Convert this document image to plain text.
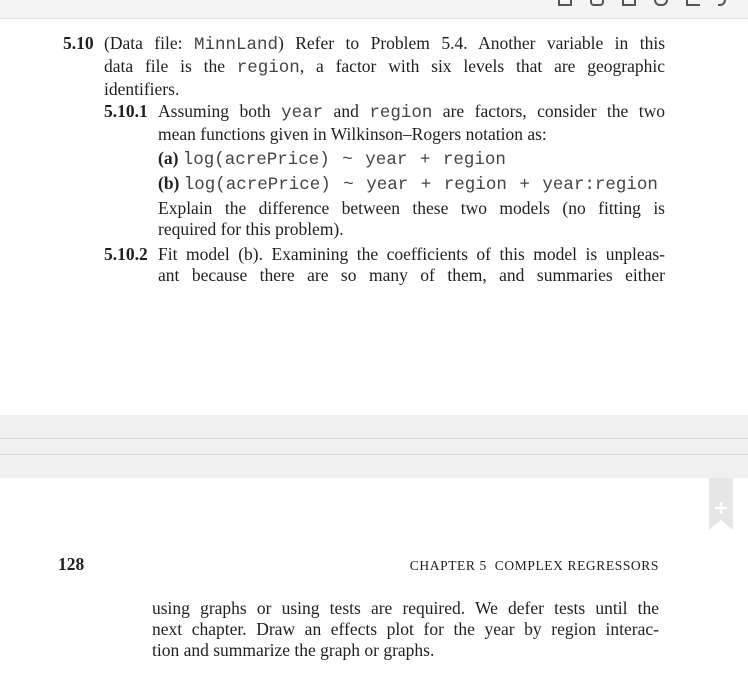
5.10 (Data file: MinnLand) Refer to Problem 5.4. Another variable in this
data file is the region, a factor with six levels that are geographic
identifiers.
5.10.1 Assuming both year and region are factors, consider the two
mean functions given in Wilkinson–Rogers notation as:
(a) log(acrePrice) ~ year + region
(b) log(acrePrice) ~ year + region + year:region
Explain the difference between these two models (no fitting is
required for this problem).
5.10.2 Fit model (b). Examining the coefficients of this model is unpleas-
ant because there are so many of them, and summaries either
128	CHAPTER 5  COMPLEX REGRESSORS
using graphs or using tests are required. We defer tests until the
next chapter. Draw an effects plot for the year by region interac-
tion and summarize the graph or graphs.
